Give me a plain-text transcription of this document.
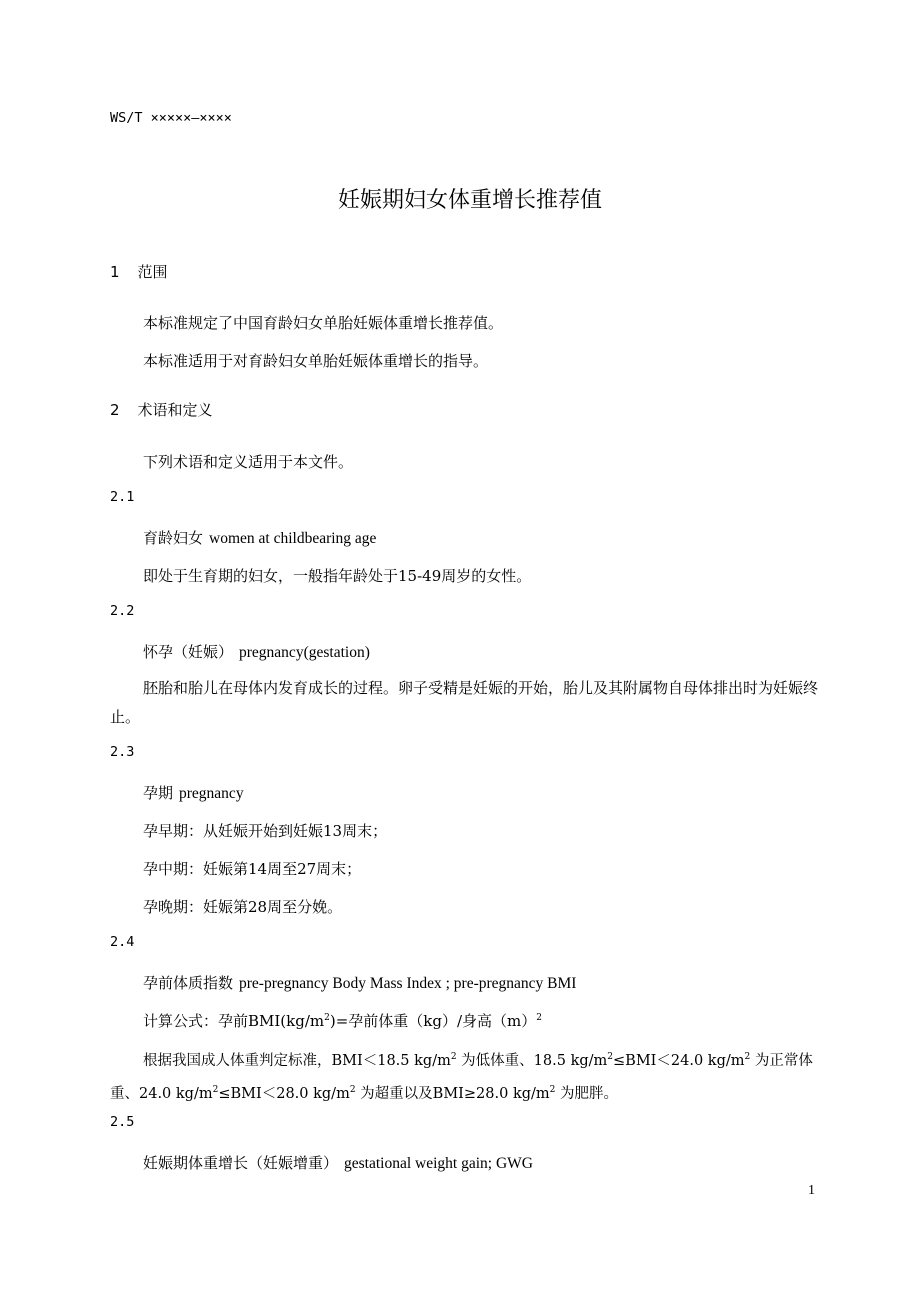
WS/T ×××××—××××
妊娠期妇女体重增长推荐值
1 范围
本标准规定了中国育龄妇女单胎妊娠体重增长推荐值。
本标准适用于对育龄妇女单胎妊娠体重增长的指导。
2 术语和定义
下列术语和定义适用于本文件。
2.1
育龄妇女 women at childbearing age
即处于生育期的妇女，一般指年龄处于15-49周岁的女性。
2.2
怀孕（妊娠） pregnancy(gestation)
胚胎和胎儿在母体内发育成长的过程。卵子受精是妊娠的开始，胎儿及其附属物自母体排出时为妊娠终止。
2.3
孕期 pregnancy
孕早期：从妊娠开始到妊娠13周末；
孕中期：妊娠第14周至27周末；
孕晚期：妊娠第28周至分娩。
2.4
孕前体质指数 pre-pregnancy Body Mass Index ; pre-pregnancy BMI
计算公式：孕前$BMI(kg/m^2)=$孕前体重（kg）/身高$(m)^2$
根据我国成人体重判定标准，BMI＜18.5 $kg/m^2$ 为低体重、18.5 $kg/m^2\le BMI<24.0$ $kg/m^2$ 为正常体重、24.0 $kg/m^2\le BMI<28.0$ $kg/m^2$ 为超重以及BMI≥28.0 $kg/m^2$ 为肥胖。
2.5
妊娠期体重增长（妊娠增重） gestational weight gain; GWG
1
